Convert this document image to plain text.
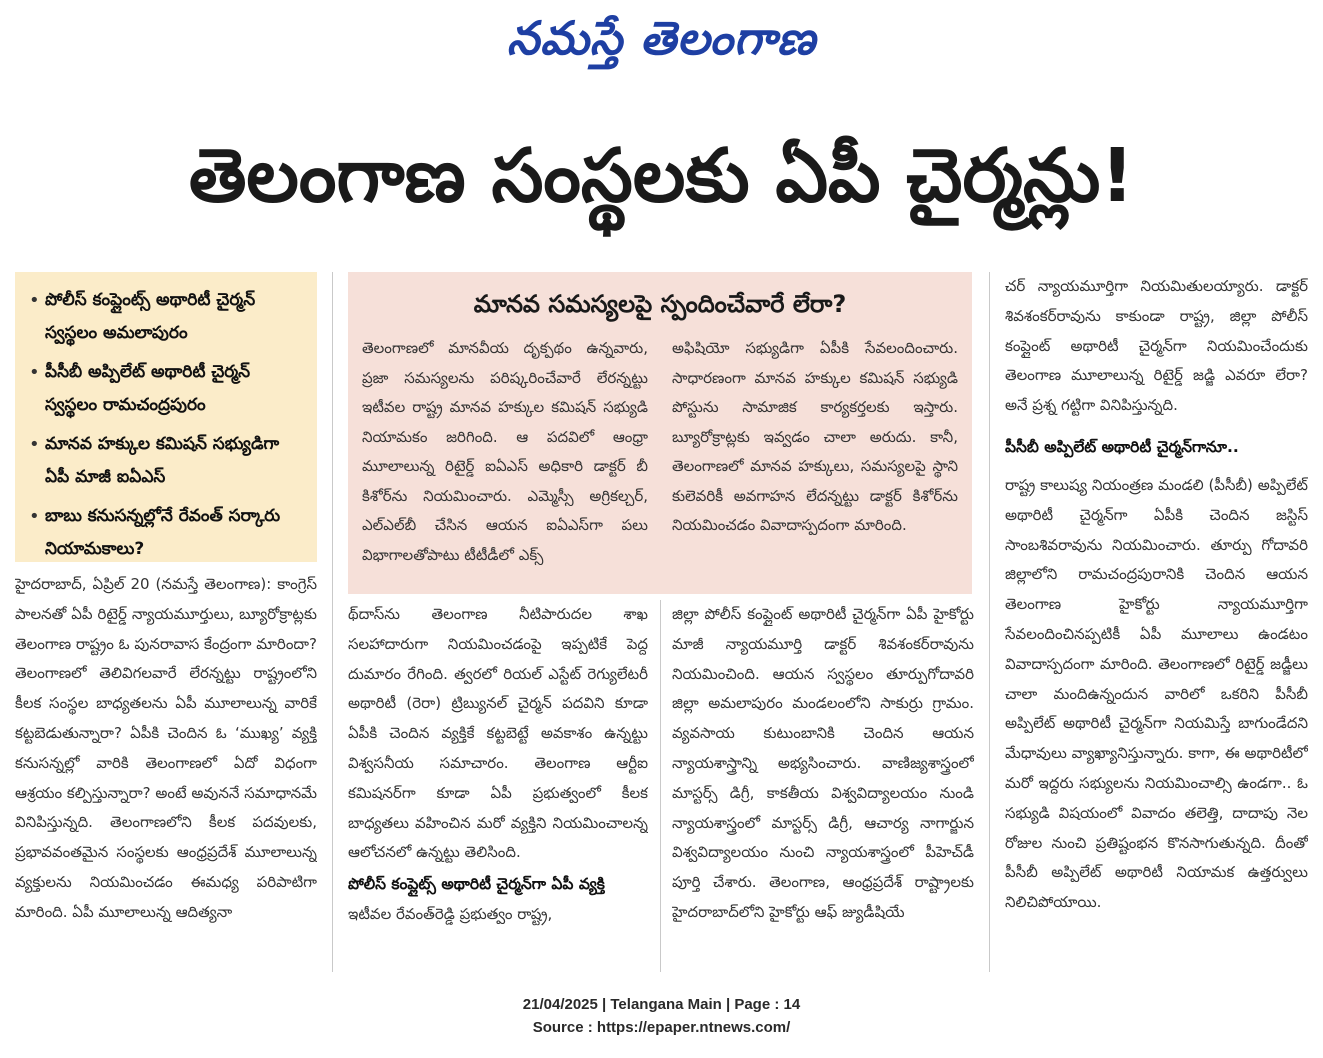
నమస్తే తెలంగాణ
తెలంగాణ సంస్థలకు ఏపీ చైర్మన్లు!
• పోలీస్ కంప్లైంట్స్ అథారిటీ చైర్మన్ స్వస్థలం అమలాపురం
• పీసీబీ అప్పిలేట్ అథారిటీ చైర్మన్ స్వస్థలం రామచంద్రపురం
• మానవ హక్కుల కమిషన్ సభ్యుడిగా ఏపీ మాజీ ఐఏఎస్
• బాబు కనుసన్నల్లోనే రేవంత్ సర్కారు నియామకాలు?
మానవ సమస్యలపై స్పందించేవారే లేరా?

తెలంగాణలో మానవీయ దృక్పథం ఉన్నవారు, ప్రజా సమస్యలను పరిష్కరించేవారే లేరన్నట్టు ఇటీవల రాష్ట్ర మానవ హక్కుల కమిషన్ సభ్యుడి నియామకం జరిగింది. ఆ పదవిలో ఆంధ్రా మూలాలున్న రిటైర్డ్ ఐఏఎస్ అధికారి డాక్టర్ బీ కిశోర్‌ను నియమించారు. ఎమ్మెస్సీ అగ్రికల్చర్, ఎల్ఎల్‌బీ చేసిన ఆయన ఐఏఎస్‌గా పలు విభాగాలతోపాటు టీటీడీలో ఎక్స్

అఫిషియో సభ్యుడిగా ఏపీకి సేవలందించారు. సాధారణంగా మానవ హక్కుల కమిషన్ సభ్యుడి పోస్టును సామాజిక కార్యకర్తలకు ఇస్తారు. బ్యూరోక్రాట్లకు ఇవ్వడం చాలా అరుదు. కానీ, తెలంగాణలో మానవ హక్కులు, సమస్యలపై స్థాని కులెవరికీ అవగాహన లేదన్నట్టు డాక్టర్ కిశోర్‌ను నియమించడం వివాదాస్పదంగా మారింది.

హైదరాబాద్, ఏప్రిల్ 20 (నమస్తే తెలంగాణ): కాంగ్రెస్ పాలనతో ఏపీ రిటైర్డ్ న్యాయమూర్తులు, బ్యూరోక్రాట్లకు తెలంగాణ రాష్ట్రం ఓ పునరావాస కేంద్రంగా మారిందా? తెలంగాణలో తెలివిగలవారే లేరన్నట్టు రాష్ట్రంలోని కీలక సంస్థల బాధ్యతలను ఏపీ మూలాలున్న వారికే కట్టబెడుతున్నారా? ఏపీకి చెందిన ఓ ‘ముఖ్య’ వ్యక్తి కనుసన్నల్లో వారికి తెలంగాణలో ఏదో విధంగా ఆశ్రయం కల్పిస్తున్నారా? అంటే అవుననే సమాధానమే వినిపిస్తున్నది. తెలంగాణలోని కీలక పదవులకు, ప్రభావవంతమైన సంస్థలకు ఆంధ్రప్రదేశ్ మూలాలున్న వ్యక్తులను నియమించడం ఈమధ్య పరిపాటిగా మారింది. ఏపీ మూలాలున్న ఆదిత్యనా

థ్‌దాస్‌ను తెలంగాణ నీటిపారుదల శాఖ సలహాదారుగా నియమించడంపై ఇప్పటికే పెద్ద దుమారం రేగింది. త్వరలో రియల్ ఎస్టేట్ రెగ్యులేటరీ అథారిటీ (రెరా) ట్రిబ్యునల్ చైర్మన్ పదవిని కూడా ఏపీకి చెందిన వ్యక్తికే కట్టబెట్టే అవకాశం ఉన్నట్టు విశ్వసనీయ సమాచారం. తెలంగాణ ఆర్టీఐ కమిషనర్‌గా కూడా ఏపీ ప్రభుత్వంలో కీలక బాధ్యతలు వహించిన మరో వ్యక్తిని నియమించాలన్న ఆలోచనలో ఉన్నట్టు తెలిసింది.

పోలీస్ కంప్లైట్స్ అథారిటీ చైర్మన్‌గా ఏపీ వ్యక్తి

ఇటీవల రేవంత్‌రెడ్డి ప్రభుత్వం రాష్ట్ర,

జిల్లా పోలీస్ కంప్లైంట్ అథారిటీ చైర్మన్‌గా ఏపీ హైకోర్టు మాజీ న్యాయమూర్తి డాక్టర్ శివశంకర్‌రావును నియమించింది. ఆయన స్వస్థలం తూర్పుగోదావరి జిల్లా అమలాపురం మండలంలోని సాకుర్రు గ్రామం. వ్యవసాయ కుటుంబానికి చెందిన ఆయన న్యాయశాస్త్రాన్ని అభ్యసించారు. వాణిజ్యశాస్త్రంలో మాస్టర్స్ డిగ్రీ, కాకతీయ విశ్వవిద్యాలయం నుండి న్యాయశాస్త్రంలో మాస్టర్స్ డిగ్రీ, ఆచార్య నాగార్జున విశ్వవిద్యాలయం నుంచి న్యాయశాస్త్రంలో పీహెచ్‌డీ పూర్తి చేశారు. తెలంగాణ, ఆంధ్రప్రదేశ్ రాష్ట్రాలకు హైదరాబాద్‌లోని హైకోర్టు ఆఫ్ జ్యుడీషియే

చర్ న్యాయమూర్తిగా నియమితులయ్యారు. డాక్టర్ శివశంకర్‌రావును కాకుండా రాష్ట్ర, జిల్లా పోలీస్ కంప్లైంట్ అథారిటీ చైర్మన్‌గా నియమించేందుకు తెలంగాణ మూలాలున్న రిటైర్డ్ జడ్జి ఎవరూ లేరా? అనే ప్రశ్న గట్టిగా వినిపిస్తున్నది.

పీసీబీ అప్పిలేట్ అథారిటీ చైర్మన్‌గానూ..

రాష్ట్ర కాలుష్య నియంత్రణ మండలి (పీసీబీ) అప్పిలేట్ అథారిటీ చైర్మన్‌గా ఏపీకి చెందిన జస్టిస్ సాంబశివరావును నియమించారు. తూర్పు గోదావరి జిల్లాలోని రామచంద్రపురానికి చెందిన ఆయన తెలంగాణ హైకోర్టు న్యాయమూర్తిగా సేవలందించినప్పటికీ ఏపీ మూలాలు ఉండటం వివాదాస్పదంగా మారింది. తెలంగాణలో రిటైర్డ్ జడ్జీలు చాలా మందిఉన్నందున వారిలో ఒకరిని పీసీబీ అప్పిలేట్ అథారిటీ చైర్మన్‌గా నియమిస్తే బాగుండేదని మేధావులు వ్యాఖ్యానిస్తున్నారు. కాగా, ఈ అథారిటీలో మరో ఇద్దరు సభ్యులను నియమించాల్సి ఉండగా.. ఓ సభ్యుడి విషయంలో వివాదం తలెత్తి, దాదాపు నెల రోజుల నుంచి ప్రతిష్టంభన కొనసాగుతున్నది. దీంతో పీసీబీ అప్పిలేట్ అథారిటీ నియామక ఉత్తర్వులు నిలిచిపోయాయి.

21/04/2025 | Telangana Main | Page : 14
Source : https://epaper.ntnews.com/
